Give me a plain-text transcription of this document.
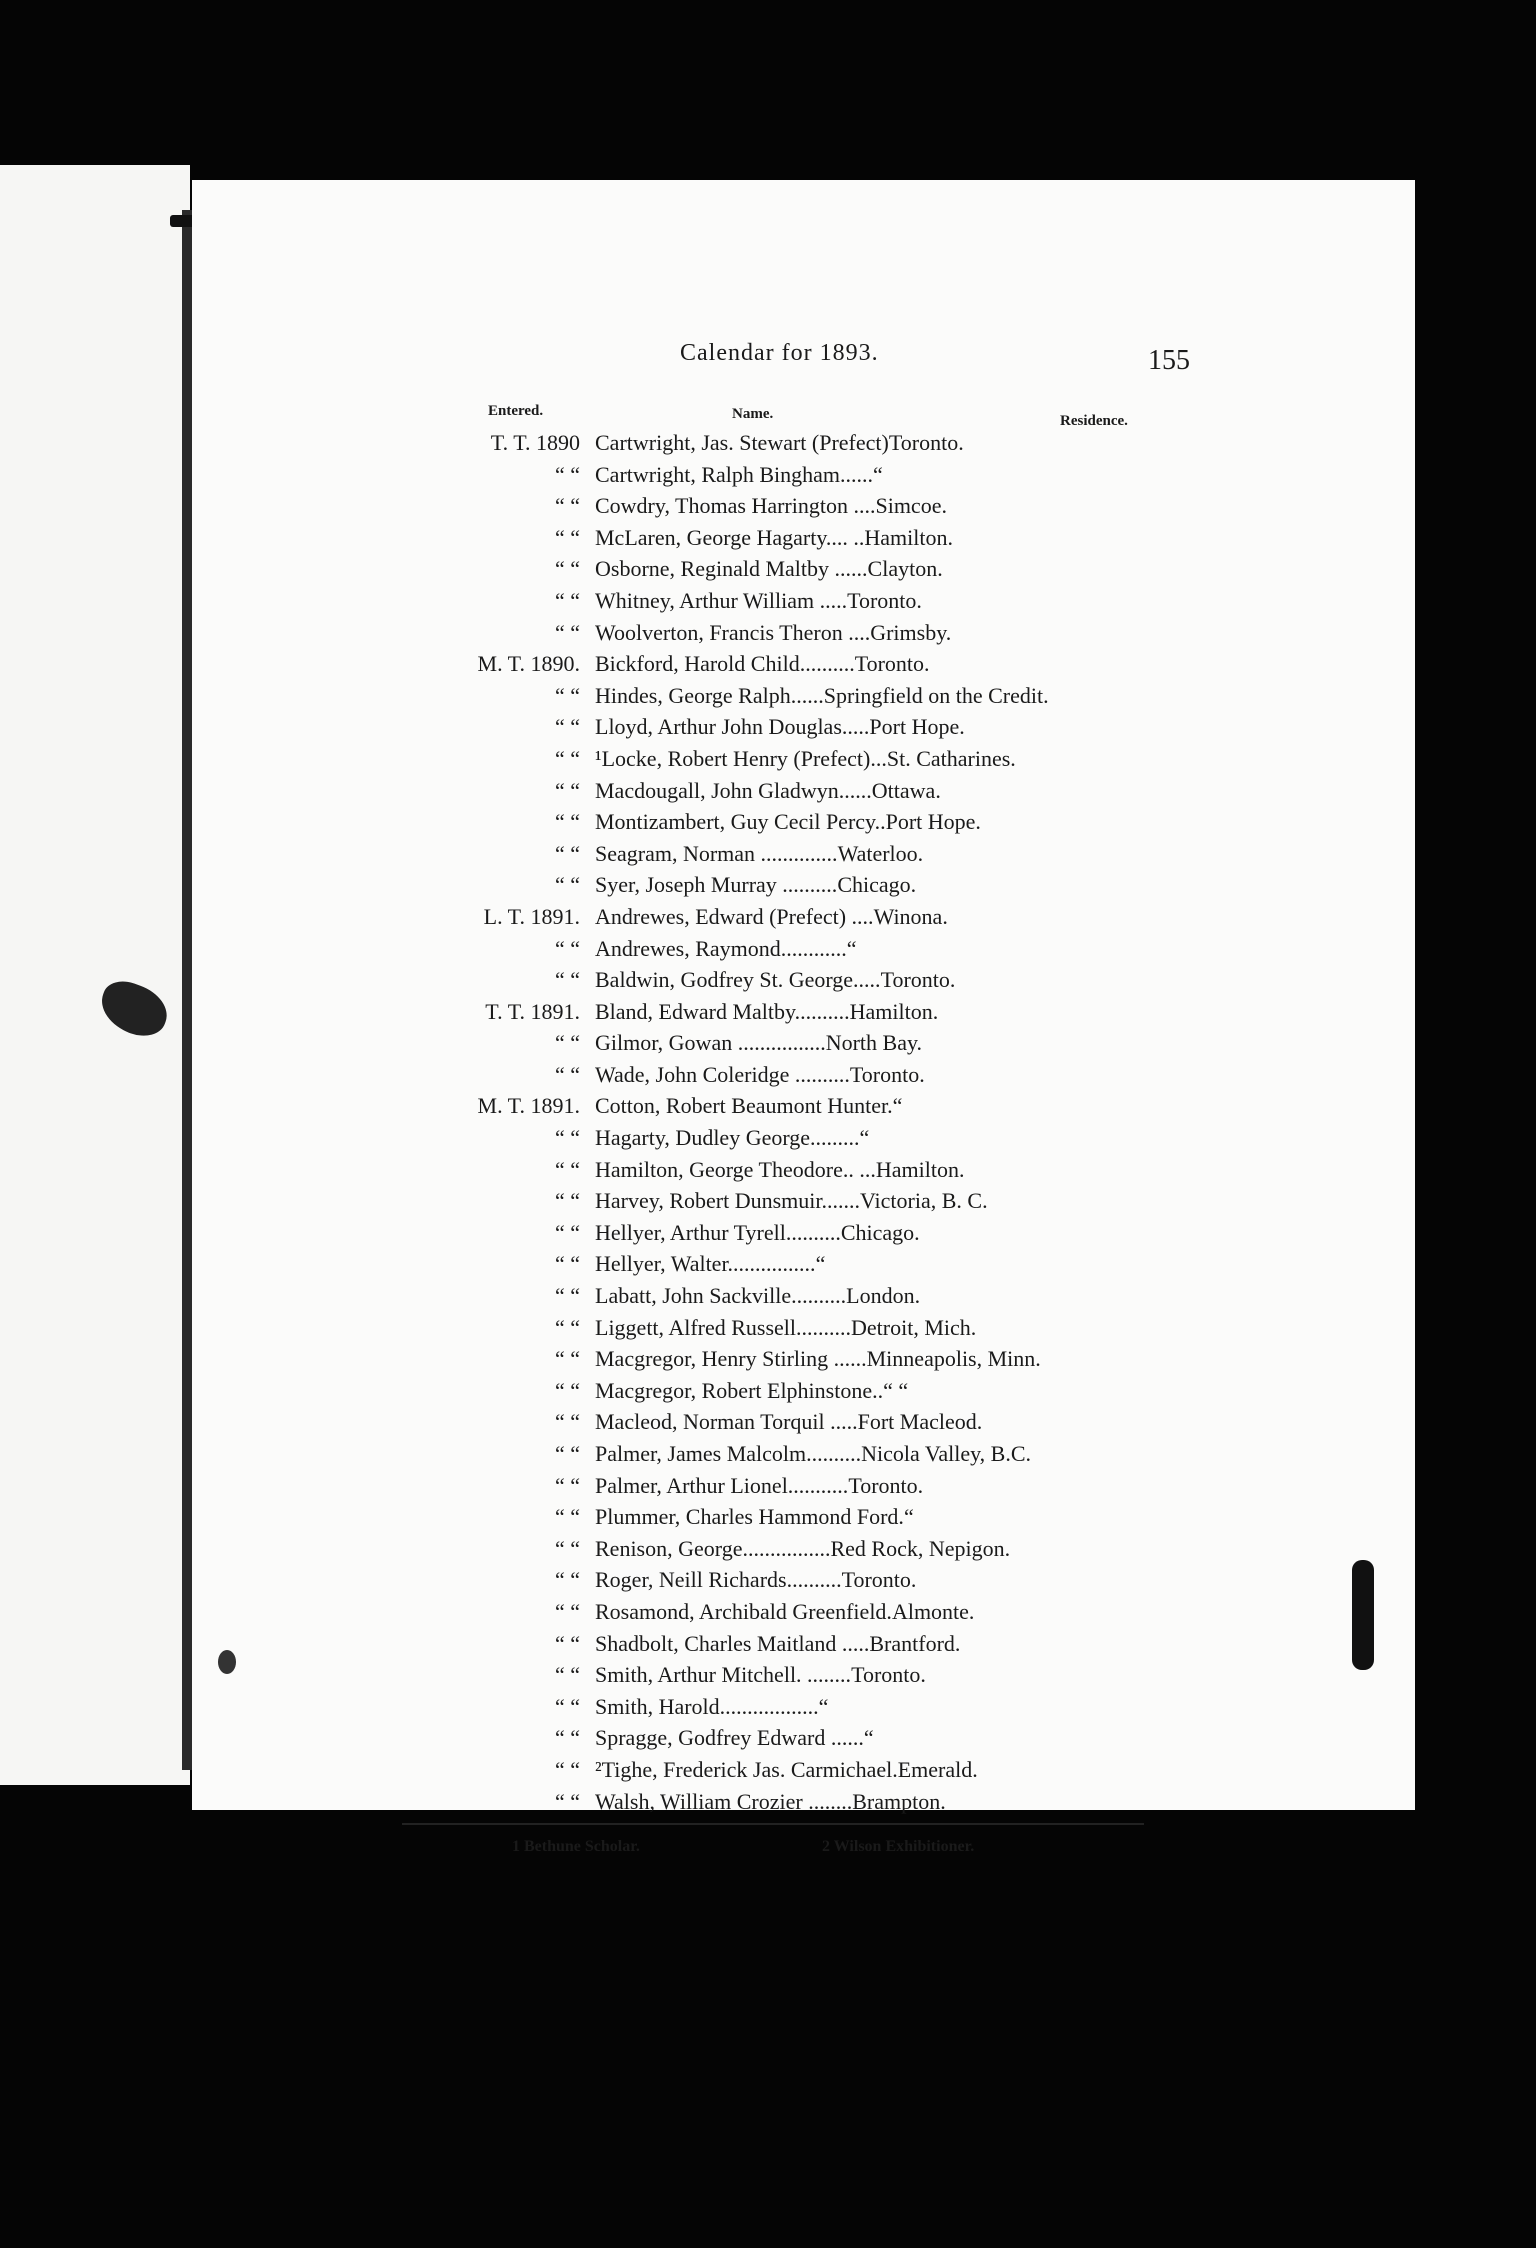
Calendar for 1893.	155
Entered.	Name.	Residence.
T. T. 1890 Cartwright, Jas. Stewart (Prefect)Toronto.
“ “ Cartwright, Ralph Bingham......“
“ “ Cowdry, Thomas Harrington ....Simcoe.
“ “ McLaren, George Hagarty.... ..Hamilton.
“ “ Osborne, Reginald Maltby ......Clayton.
“ “ Whitney, Arthur William .....Toronto.
“ “ Woolverton, Francis Theron ....Grimsby.
M. T. 1890. Bickford, Harold Child..........Toronto.
“ “ Hindes, George Ralph......Springfield on the Credit.
“ “ Lloyd, Arthur John Douglas.....Port Hope.
“ “ ¹Locke, Robert Henry (Prefect)...St. Catharines.
“ “ Macdougall, John Gladwyn......Ottawa.
“ “ Montizambert, Guy Cecil Percy..Port Hope.
“ “ Seagram, Norman ..............Waterloo.
“ “ Syer, Joseph Murray ..........Chicago.
L. T. 1891. Andrewes, Edward (Prefect) ....Winona.
“ “ Andrewes, Raymond............“
“ “ Baldwin, Godfrey St. George.....Toronto.
T. T. 1891. Bland, Edward Maltby..........Hamilton.
“ “ Gilmor, Gowan ................North Bay.
“ “ Wade, John Coleridge ..........Toronto.
M. T. 1891. Cotton, Robert Beaumont Hunter.“
“ “ Hagarty, Dudley George.........“
“ “ Hamilton, George Theodore.. ...Hamilton.
“ “ Harvey, Robert Dunsmuir.......Victoria, B. C.
“ “ Hellyer, Arthur Tyrell..........Chicago.
“ “ Hellyer, Walter................“
“ “ Labatt, John Sackville..........London.
“ “ Liggett, Alfred Russell..........Detroit, Mich.
“ “ Macgregor, Henry Stirling ......Minneapolis, Minn.
“ “ Macgregor, Robert Elphinstone..“ “
“ “ Macleod, Norman Torquil .....Fort Macleod.
“ “ Palmer, James Malcolm..........Nicola Valley, B.C.
“ “ Palmer, Arthur Lionel...........Toronto.
“ “ Plummer, Charles Hammond Ford.“
“ “ Renison, George................Red Rock, Nepigon.
“ “ Roger, Neill Richards..........Toronto.
“ “ Rosamond, Archibald Greenfield.Almonte.
“ “ Shadbolt, Charles Maitland .....Brantford.
“ “ Smith, Arthur Mitchell. ........Toronto.
“ “ Smith, Harold..................“
“ “ Spragge, Godfrey Edward ......“
“ “ ²Tighe, Frederick Jas. Carmichael.Emerald.
“ “ Walsh, William Crozier ........Brampton.
1 Bethune Scholar.	2 Wilson Exhibitioner.
